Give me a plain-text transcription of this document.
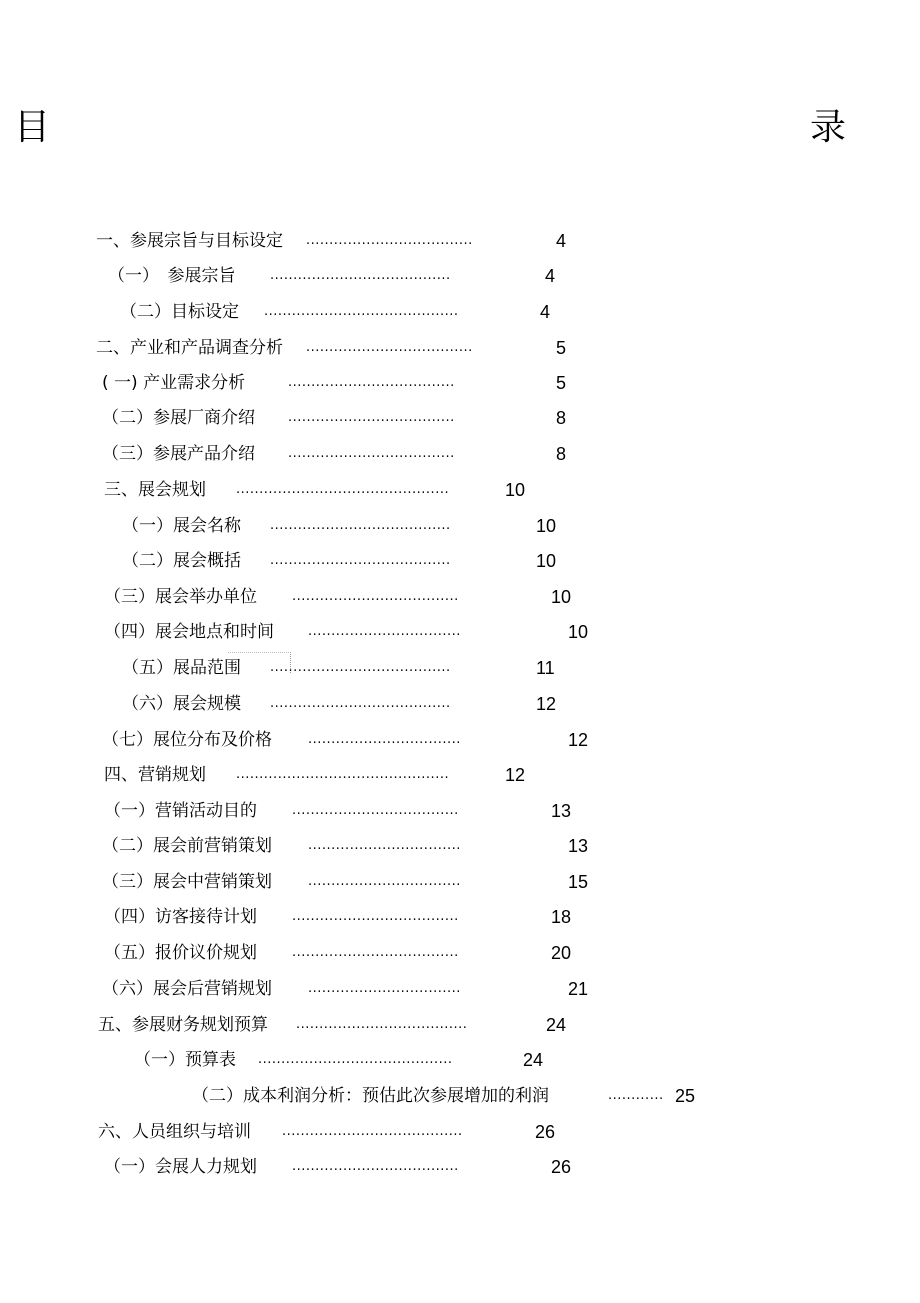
目	录
一、参展宗旨与目标设定 ....................................	4
（一）　参展宗旨	.......................................	4
（二）目标设定 ..........................................	4
二、产业和产品调查分析 ....................................	5
( 一) 产业需求分析	....................................	5
（二）参展厂商介绍	....................................	8
（三）参展产品介绍	....................................	8
三、展会规划 ..............................................	10
（一）展会名称 .......................................	10
（二）展会概括 .......................................	10
（三）展会举办单位	....................................	10
（四）展会地点和时间	.................................	10
（五）展品范围 .......................................	11
（六）展会规模 .......................................	12
（七）展位分布及价格	.................................	12
四、营销规划 ..............................................	12
（一）营销活动目的	....................................	13
（二）展会前营销策划	.................................	13
（三）展会中营销策划	.................................	15
（四）访客接待计划	....................................	18
（五）报价议价规划	....................................	20
（六）展会后营销规划	.................................	21
五、参展财务规划预算 .....................................	24
（一）预算表 ..........................................	24
（二）成本利润分析：预估此次参展增加的利润	............ 25
六、人员组织与培训 .......................................	26
（一）会展人力规划	....................................	26
